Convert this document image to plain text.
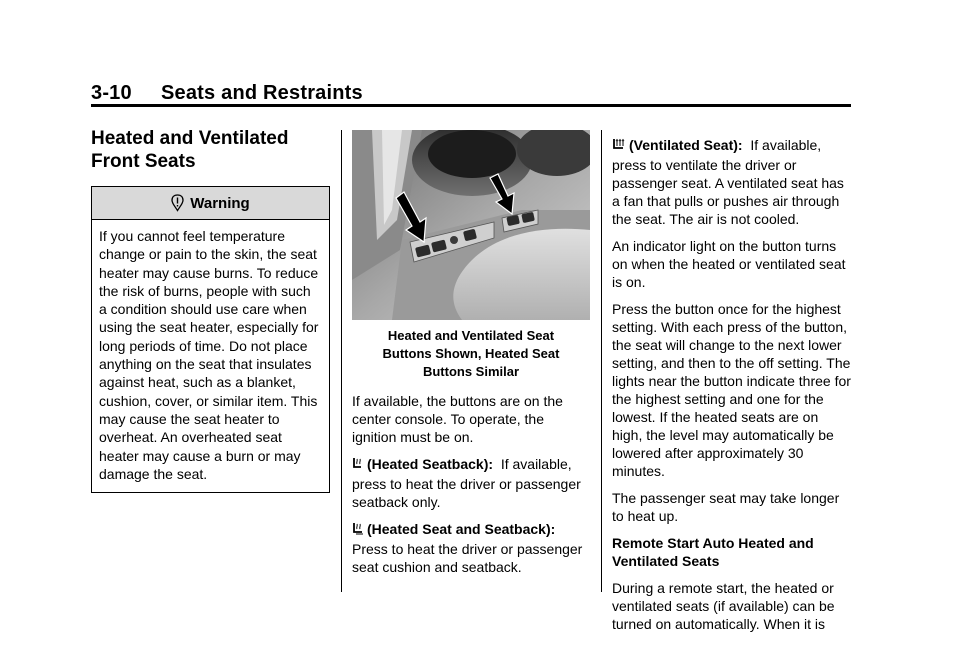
3-10 Seats and Restraints
Heated and Ventilated
Front Seats
Warning
If you cannot feel temperature change or pain to the skin, the seat heater may cause burns. To reduce the risk of burns, people with such a condition should use care when using the seat heater, especially for long periods of time. Do not place anything on the seat that insulates against heat, such as a blanket, cushion, cover, or similar item. This may cause the seat heater to overheat. An overheated seat heater may cause a burn or may damage the seat.
Heated and Ventilated Seat
Buttons Shown, Heated Seat
Buttons Similar

If available, the buttons are on the center console. To operate, the ignition must be on.

(Heated Seatback): If available, press to heat the driver or passenger seatback only.

(Heated Seat and Seatback):
Press to heat the driver or passenger seat cushion and seatback.

(Ventilated Seat): If available, press to ventilate the driver or passenger seat. A ventilated seat has a fan that pulls or pushes air through the seat. The air is not cooled.

An indicator light on the button turns on when the heated or ventilated seat is on.

Press the button once for the highest setting. With each press of the button, the seat will change to the next lower setting, and then to the off setting. The lights near the button indicate three for the highest setting and one for the lowest. If the heated seats are on high, the level may automatically be lowered after approximately 30 minutes.

The passenger seat may take longer to heat up.

Remote Start Auto Heated and Ventilated Seats

During a remote start, the heated or ventilated seats (if available) can be turned on automatically. When it is
